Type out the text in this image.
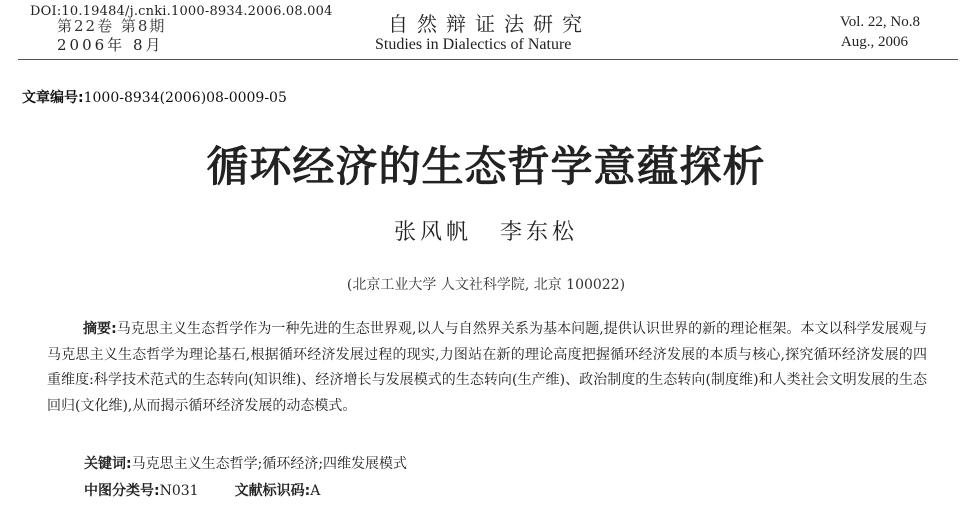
DOI:10.19484/j.cnki.1000-8934.2006.08.004
第22卷 第8期
2006年 8月
自然辩证法研究
Studies in Dialectics of Nature
Vol. 22, No.8
Aug., 2006
文章编号:1000-8934(2006)08-0009-05
循环经济的生态哲学意蕴探析
张风帆 李东松
(北京工业大学 人文社科学院, 北京 100022)
摘要:马克思主义生态哲学作为一种先进的生态世界观,以人与自然界关系为基本问题,提供认识世界的新的理论框架。本文以科学发展观与马克思主义生态哲学为理论基石,根据循环经济发展过程的现实,力图站在新的理论高度把握循环经济发展的本质与核心,探究循环经济发展的四重维度:科学技术范式的生态转向(知识维)、经济增长与发展模式的生态转向(生产维)、政治制度的生态转向(制度维)和人类社会文明发展的生态回归(文化维),从而揭示循环经济发展的动态模式。
关键词:马克思主义生态哲学;循环经济;四维发展模式
中图分类号:N031	文献标识码:A
